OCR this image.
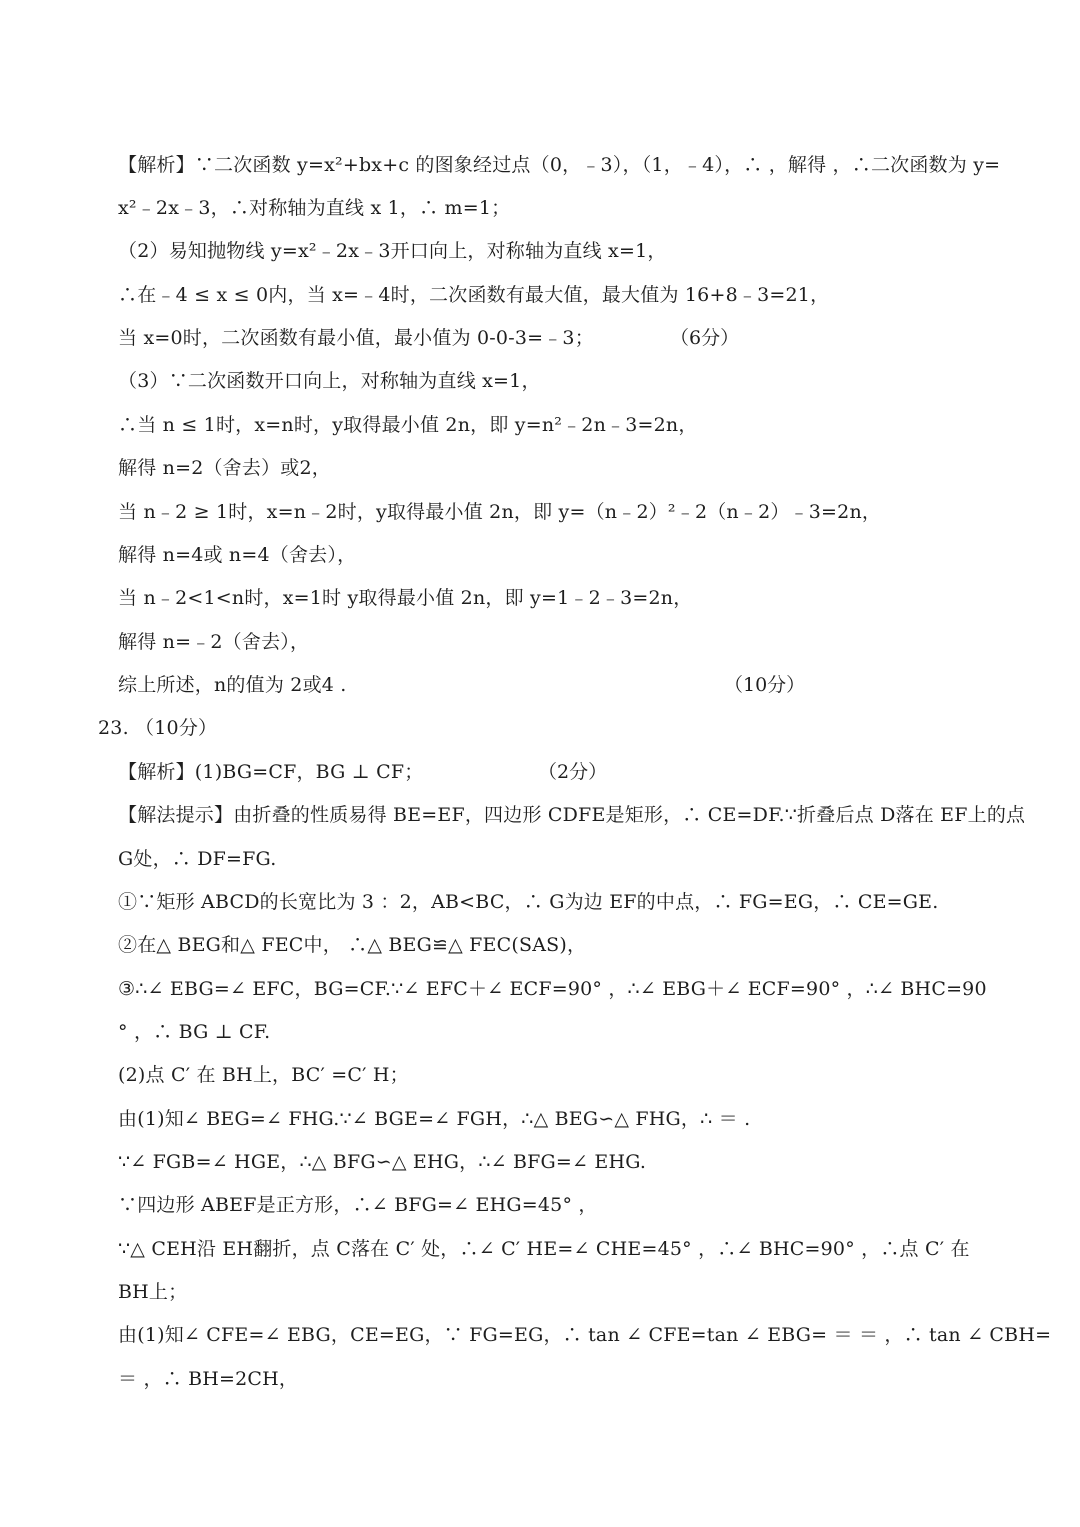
【解析】∵二次函数 y=x²+bx+c 的图象经过点（0，﹣3），（1，﹣4），∴ ，解得 ，∴二次函数为 y=
x²﹣2x﹣3，∴对称轴为直线 x 1，∴ m=1；
（2）易知抛物线 y=x²﹣2x﹣3开口向上，对称轴为直线 x=1，
∴在﹣4 ≤ x ≤ 0内，当 x=﹣4时，二次函数有最大值，最大值为 16+8﹣3=21，
当 x=0时，二次函数有最小值，最小值为 0-0-3=﹣3；	（6分）
（3）∵二次函数开口向上，对称轴为直线 x=1，
∴当 n ≤ 1时，x=n时，y取得最小值 2n，即 y=n²﹣2n﹣3=2n，
解得 n=2（舍去）或2，
当 n﹣2 ≥ 1时，x=n﹣2时，y取得最小值 2n，即 y=（n﹣2）²﹣2（n﹣2）﹣3=2n，
解得 n=4或 n=4（舍去），
当 n﹣2<1<n时，x=1时 y取得最小值 2n，即 y=1﹣2﹣3=2n，
解得 n=﹣2（舍去），
综上所述，n的值为 2或4 .	（10分）
23. （10分）
【解析】(1)BG=CF，BG ⊥ CF；	（2分）
【解法提示】由折叠的性质易得 BE=EF，四边形 CDFE是矩形，∴ CE=DF.∵折叠后点 D落在 EF上的点
G处，∴ DF=FG.
①∵矩形 ABCD的长宽比为 3 ：2，AB<BC，∴ G为边 EF的中点，∴ FG=EG，∴ CE=GE.
②在△ BEG和△ FEC中， ∴△ BEG≌△ FEC(SAS)，
③∴∠ EBG=∠ EFC，BG=CF.∵∠ EFC＋∠ ECF=90° ，∴∠ EBG＋∠ ECF=90° ，∴∠ BHC=90
° ，∴ BG ⊥ CF.
(2)点 C′ 在 BH上，BC′ =C′ H；
由(1)知∠ BEG=∠ FHG.∵∠ BGE=∠ FGH，∴△ BEG∽△ FHG，∴ ＝ .
∵∠ FGB=∠ HGE，∴△ BFG∽△ EHG，∴∠ BFG=∠ EHG.
∵四边形 ABEF是正方形，∴∠ BFG=∠ EHG=45° ，
∵△ CEH沿 EH翻折，点 C落在 C′ 处，∴∠ C′ HE=∠ CHE=45° ，∴∠ BHC=90° ，∴点 C′ 在
BH上；
由(1)知∠ CFE=∠ EBG，CE=EG，∵ FG=EG，∴ tan ∠ CFE=tan ∠ EBG= ＝ ＝ ，∴ tan ∠ CBH=
＝ ，∴ BH=2CH，
